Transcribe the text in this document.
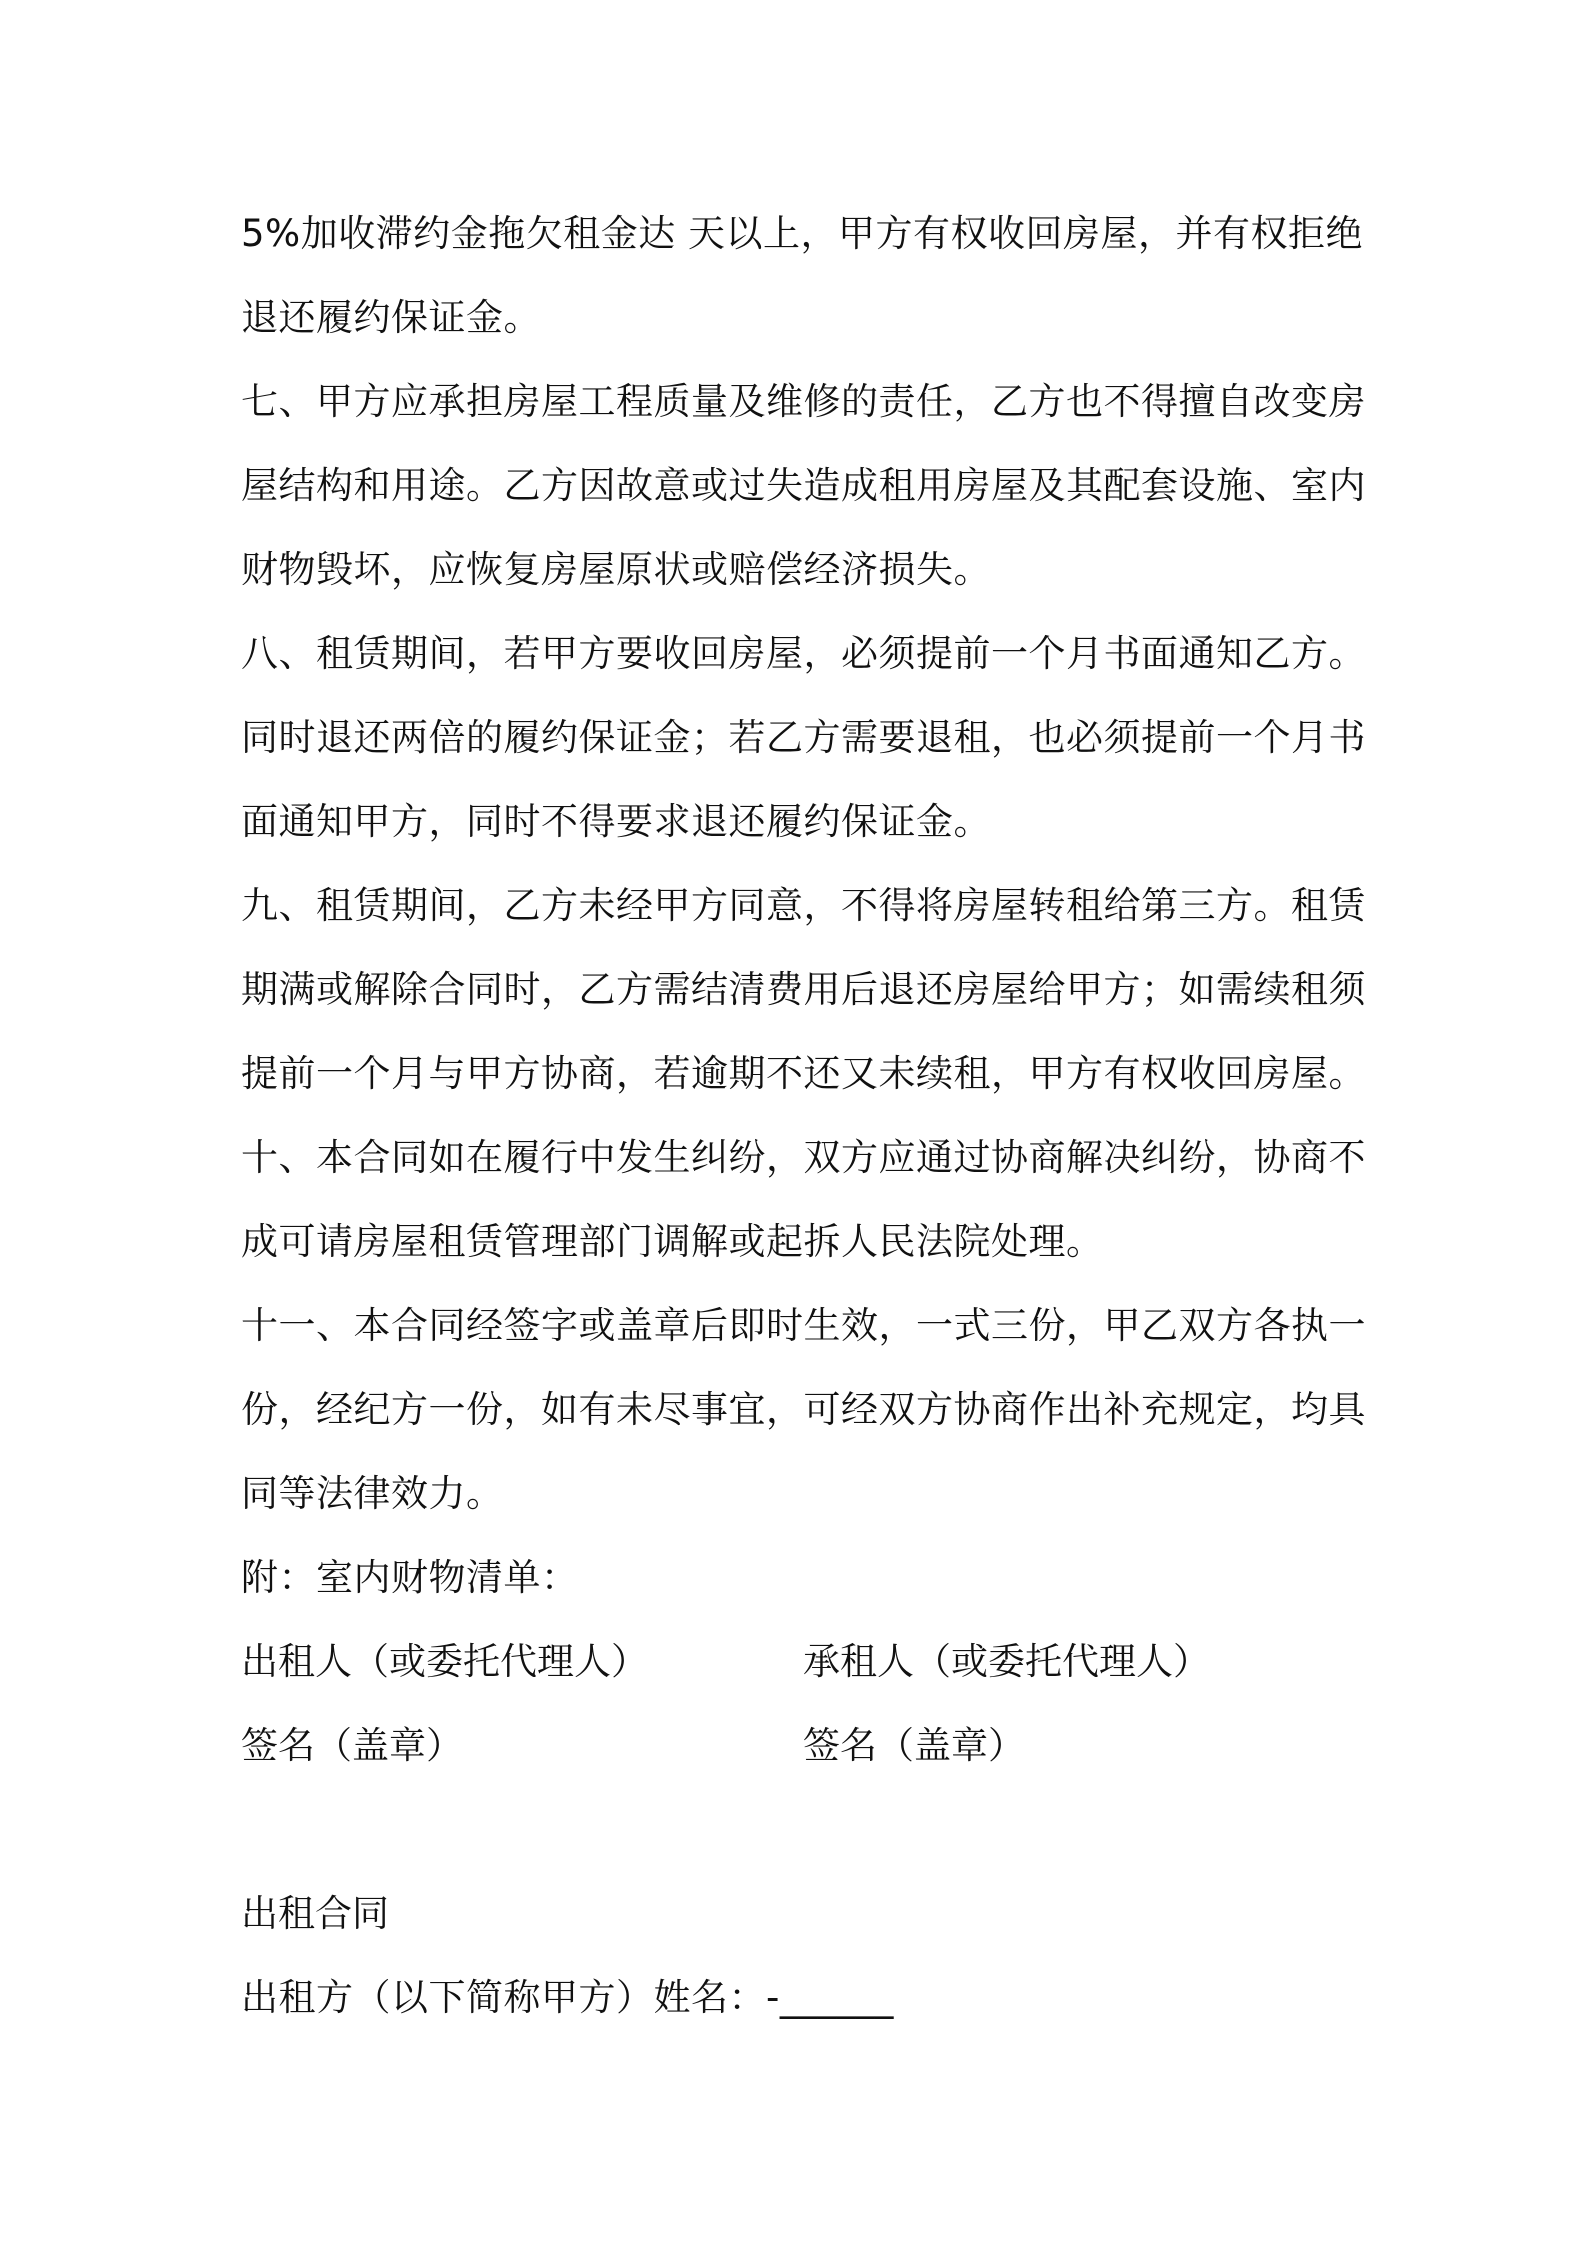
5%加收滞约金拖欠租金达 天以上，甲方有权收回房屋，并有权拒绝
退还履约保证金。
七、甲方应承担房屋工程质量及维修的责任，乙方也不得擅自改变房
屋结构和用途。乙方因故意或过失造成租用房屋及其配套设施、室内
财物毁坏，应恢复房屋原状或赔偿经济损失。
八、租赁期间，若甲方要收回房屋，必须提前一个月书面通知乙方。
同时退还两倍的履约保证金；若乙方需要退租，也必须提前一个月书
面通知甲方，同时不得要求退还履约保证金。
九、租赁期间，乙方未经甲方同意，不得将房屋转租给第三方。租赁
期满或解除合同时，乙方需结清费用后退还房屋给甲方；如需续租须
提前一个月与甲方协商，若逾期不还又未续租，甲方有权收回房屋。
十、本合同如在履行中发生纠纷，双方应通过协商解决纠纷，协商不
成可请房屋租赁管理部门调解或起拆人民法院处理。
十一、本合同经签字或盖章后即时生效，一式三份，甲乙双方各执一
份，经纪方一份，如有未尽事宜，可经双方协商作出补充规定，均具
同等法律效力。
附：室内财物清单：
出租人（或委托代理人）	承租人（或委托代理人）
签名（盖章）	签名（盖章）
出租合同
出租方（以下简称甲方）姓名：-______
